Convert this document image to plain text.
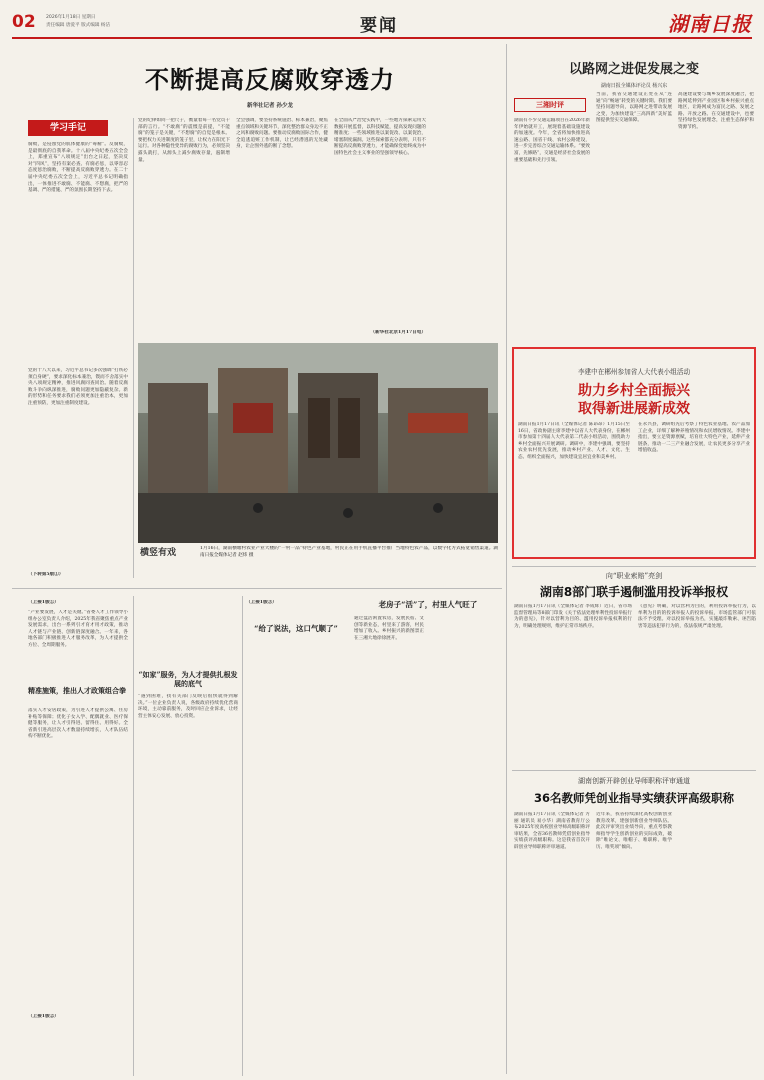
02 2026年1月18日 星期日
责任编辑 唐爱平 版式编辑 杨洁	要闻	湖南日报
不断提高反腐败穿透力
新华社记者 孙少龙
学习手记
腐败，是侵蚀党的肌体健康的“毒瘤”。反腐败，是最彻底的自我革命。十八届中央纪委五次全会上，郑重宣布“八项规定”出台之日起，坚决反对“四风”，坚持有案必查、有腐必惩，以零容忍态度惩治腐败，不断提高反腐败穿透力。在二十届中央纪委五次全会上，习近平总书记明确指出，一体推进不敢腐、不能腐、不想腐，把严的基调、严的措施、严的氛围长期坚持下去。
党的十八大以来，习近平总书记多次强调“打铁必须自身硬”，要求深化标本兼治，锲而不舍落实中央八项规定精神，推进风腐同查同治。随着反腐败斗争向纵深推进，腐败问题更加隐蔽复杂。新的形势和任务要求我们必须更加注重治本，更加注重预防，更加注重制度建设。
（下转第5版①）
党的纪律如同一把尺子，衡量着每一名党员干部的言行。“不敢腐”的震慑是前提，“不能腐”的笼子是关键，“不想腐”的自觉是根本。要把权力关进制度的笼子里，让权力在阳光下运行。对各种隐性变异的腐败行为，必须坚决露头就打，从源头上减少腐败存量，遏制增量。
全会强调，要坚持系统施治、标本兼治，聚焦重点领域和关键环节，深化整治群众身边不正之风和腐败问题。要推动反腐败国际合作，健全追逃追赃工作机制，让已经潜逃的无处藏身，让企图外逃的断了念想。
在全面从严治党实践中，一些地方探索运用大数据开展监督，以科技赋能，提高发现问题的精准度；一些领域推进以案促改、以案促治，堵塞制度漏洞。这些探索都充分表明，只有不断提高反腐败穿透力，才能确保党始终成为中国特色社会主义事业的坚强领导核心。
（新华社北京1月17日电）
横竖有戏	1月16日，湖南横塘村农业产业大楼的“一村一品”特色产业基地，村民正在用手机直播平台推广当地特色农产品，以数字化方式拓宽销售渠道。湖南日报全媒体记者 赵炜 摄
以路网之进促发展之变
湖南日报全媒体评论员 杨兴东
三湘时评
湖南有不少交通运输项目在2026年新年伊始就开工，展现着基础设施建设的加速度。今年，全省将加快推进高速公路、国省干线、农村公路建设，进一步完善综合交通运输体系。“要致富，先修路”，交通是经济社会发展的重要基础和先行引领。
当前，我省交通建设正处在从“连通”向“畅通”转变的关键时期。我们要坚持问题导向，以路网之进带动发展之变，为加快建设“三高四新”美好蓝图提供坚实交通保障。
高速建设要与城乡发展深度融合，把路网延伸到产业园区和乡村振兴重点地区，让路网成为富民之路、发展之路、开放之路。在交通建设中，也要坚持绿色发展理念，注重生态保护和资源节约。
李建中在郴州参加省人大代表小组活动
助力乡村全面振兴
取得新进展新成效
湖南日报1月17日讯（全媒体记者 陈昂昂）1月15日至16日，省政协副主席李建中以省人大代表身份，在郴州市参加第十四届人大代表第二代表小组活动，围绕助力乡村全面振兴开展调研。调研中，李建中强调，要坚持农业农村优先发展，推动乡村产业、人才、文化、生态、组织全面振兴，加快建设宜居宜业和美乡村。
在永兴县，调研组先后考察了特色农业基地、农产品加工企业，详细了解种养殖情况和农民增收情况。李建中指出，要立足资源禀赋，培育壮大特色产业，延伸产业链条，推动一二三产业融合发展，让农民更多分享产业增值收益。
（上接1版①）
“产业要发展，人才是关键。”省委人才工作领导小组办公室负责人介绍，2025年我省聚焦重点产业发展需求，出台一系列引才育才用才政策，推动人才链与产业链、创新链深度融合。一年来，各地各部门积极推进人才服务改革，为人才提供全方位、全周期服务。
精准施策，推出人才政策组合拳
落实人才安居政策，为引进人才提供公寓、住房补贴等保障；优化子女入学、配偶就业、医疗保健等服务，让人才引得进、留得住、用得好。全省新引进高层次人才数量持续增长，人才队伍结构不断优化。
（上接1版②）
“如家”服务，为人才提供扎根发展的底气
“遇到困难，找有关部门反映后很快就得到解决。”一位企业负责人说，各级政府持续优化营商环境，主动靠前服务，及时回应企业诉求，让经营主体安心发展、放心投资。
（上接1版③）
“给了说法，这口气顺了”
老房子“活”了，村里人气旺了
通过盘活闲置农房，发展民宿、文创等新业态，村里来了游客，村民增加了收入。乡村振兴的新图景正在三湘大地徐徐展开。
向“职业索赔”亮剑
湖南8部门联手遏制滥用投诉举报权
湖南日报1月17日讯（全媒体记者 李成辉）近日，省市场监督管理局等8部门印发《关于依法处理牟利性投诉举报行为的意见》，针对以营利为目的、滥用投诉举报权利的行为，明确处理规则，维护正常市场秩序。
《意见》明确，对以营利为目的，利用投诉举报行为，以牟利为目的的投诉举报人的投诉举报，市场监管部门可依法不予受理。对以投诉举报为名，实施敲诈勒索、诬告陷害等违法犯罪行为的，依法依规严肃处理。
湖南创新开辟创业导师职称评审通道
36名教师凭创业指导实绩获评高级职称
湖南日报1月17日讯（全媒体记者 方丽 通讯员 易小华）湖南省教育厅公布2025年度高校创业导师高级职称评审结果，全省36名教师凭借创业指导实绩获评高级职称。这是我省首次开辟创业导师职称评审通道。
近年来，我省持续深化高校创新创业教育改革，建强创新创业导师队伍。此次评审突出业绩导向，重点考察教师指导学生创新创业的实际成效，破除“唯论文、唯帽子、唯职称、唯学历、唯奖项”倾向。
